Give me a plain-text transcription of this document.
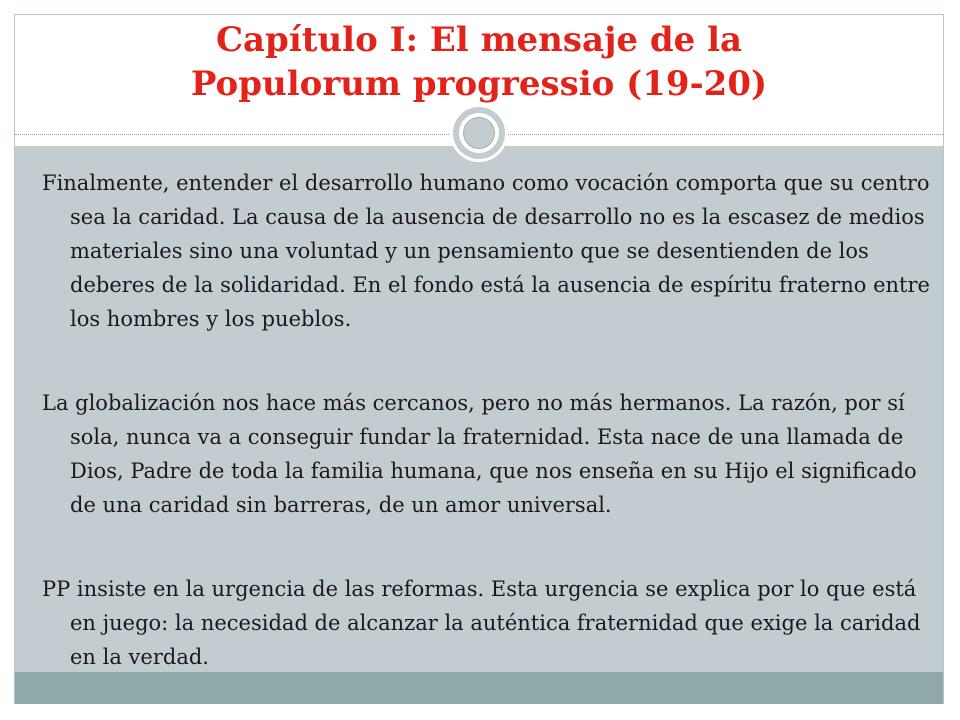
Capítulo I: El mensaje de la
Populorum progressio (19-20)

Finalmente, entender el desarrollo humano como vocación comporta que su centro sea la caridad. La causa de la ausencia de desarrollo no es la escasez de medios materiales sino una voluntad y un pensamiento que se desentienden de los deberes de la solidaridad. En el fondo está la ausencia de espíritu fraterno entre los hombres y los pueblos.

La globalización nos hace más cercanos, pero no más hermanos. La razón, por sí sola, nunca va a conseguir fundar la fraternidad. Esta nace de una llamada de Dios, Padre de toda la familia humana, que nos enseña en su Hijo el significado de una caridad sin barreras, de un amor universal.

PP insiste en la urgencia de las reformas. Esta urgencia se explica por lo que está en juego: la necesidad de alcanzar la auténtica fraternidad que exige la caridad en la verdad.
